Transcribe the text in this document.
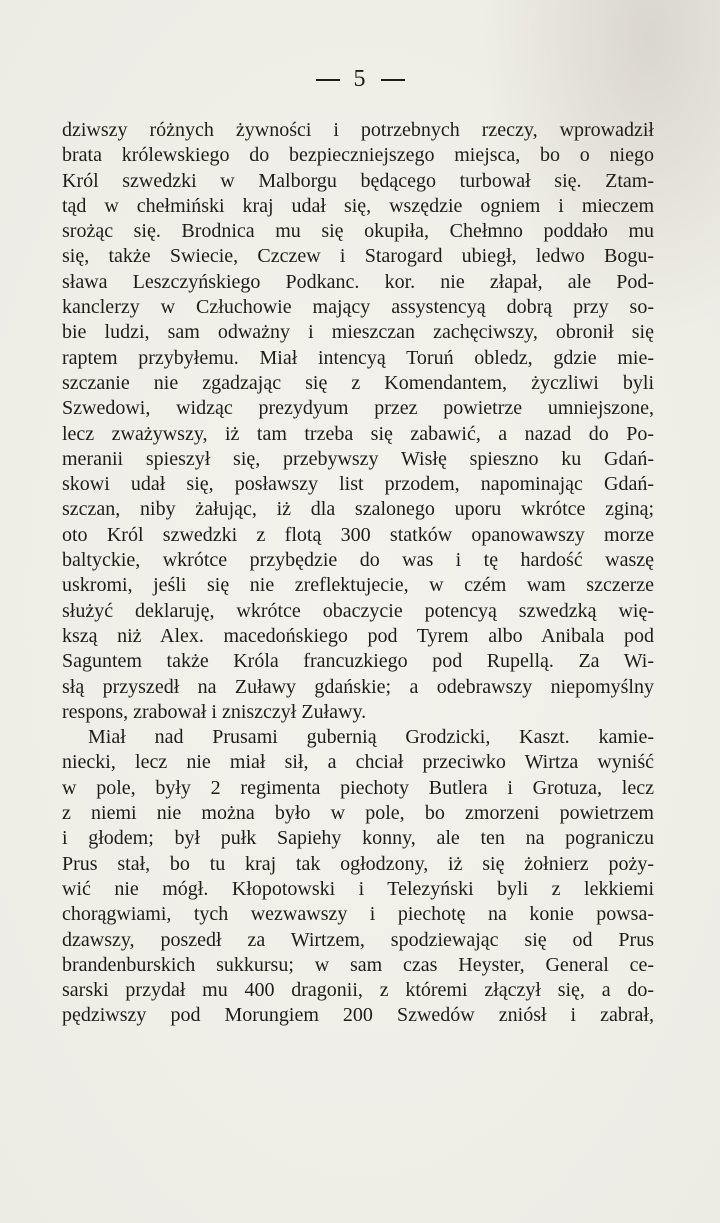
5
dziwszy różnych żywności i potrzebnych rzeczy, wprowadził
brata królewskiego do bezpieczniejszego miejsca, bo o niego
Król szwedzki w Malborgu będącego turbował się. Ztam-
tąd w chełmiński kraj udał się, wszędzie ogniem i mieczem
srożąc się. Brodnica mu się okupiła, Chełmno poddało mu
się, także Swiecie, Czczew i Starogard ubiegł, ledwo Bogu-
sława Leszczyńskiego Podkanc. kor. nie złapał, ale Pod-
kanclerzy w Człuchowie mający assystencyą dobrą przy so-
bie ludzi, sam odważny i mieszczan zachęciwszy, obronił się
raptem przybyłemu. Miał intencyą Toruń obledz, gdzie mie-
szczanie nie zgadzając się z Komendantem, życzliwi byli
Szwedowi, widząc prezydyum przez powietrze umniejszone,
lecz zważywszy, iż tam trzeba się zabawić, a nazad do Po-
meranii spieszył się, przebywszy Wisłę spieszno ku Gdań-
skowi udał się, posławszy list przodem, napominając Gdań-
szczan, niby żałując, iż dla szalonego uporu wkrótce zginą;
oto Król szwedzki z flotą 300 statków opanowawszy morze
baltyckie, wkrótce przybędzie do was i tę hardość waszę
uskromi, jeśli się nie zreflektujecie, w czém wam szczerze
służyć deklaruję, wkrótce obaczycie potencyą szwedzką wię-
kszą niż Alex. macedońskiego pod Tyrem albo Anibala pod
Saguntem także Króla francuzkiego pod Rupellą. Za Wi-
słą przyszedł na Zuławy gdańskie; a odebrawszy niepomyślny
respons, zrabował i zniszczył Zuławy.
Miał nad Prusami gubernią Grodzicki, Kaszt. kamie-
niecki, lecz nie miał sił, a chciał przeciwko Wirtza wyniść
w pole, były 2 regimenta piechoty Butlera i Grotuza, lecz
z niemi nie można było w pole, bo zmorzeni powietrzem
i głodem; był pułk Sapiehy konny, ale ten na pograniczu
Prus stał, bo tu kraj tak ogłodzony, iż się żołnierz poży-
wić nie mógł. Kłopotowski i Telezyński byli z lekkiemi
chorągwiami, tych wezwawszy i piechotę na konie powsa-
dzawszy, poszedł za Wirtzem, spodziewając się od Prus
brandenburskich sukkursu; w sam czas Heyster, General ce-
sarski przydał mu 400 dragonii, z któremi złączył się, a do-
pędziwszy pod Morungiem 200 Szwedów zniósł i zabrał,
